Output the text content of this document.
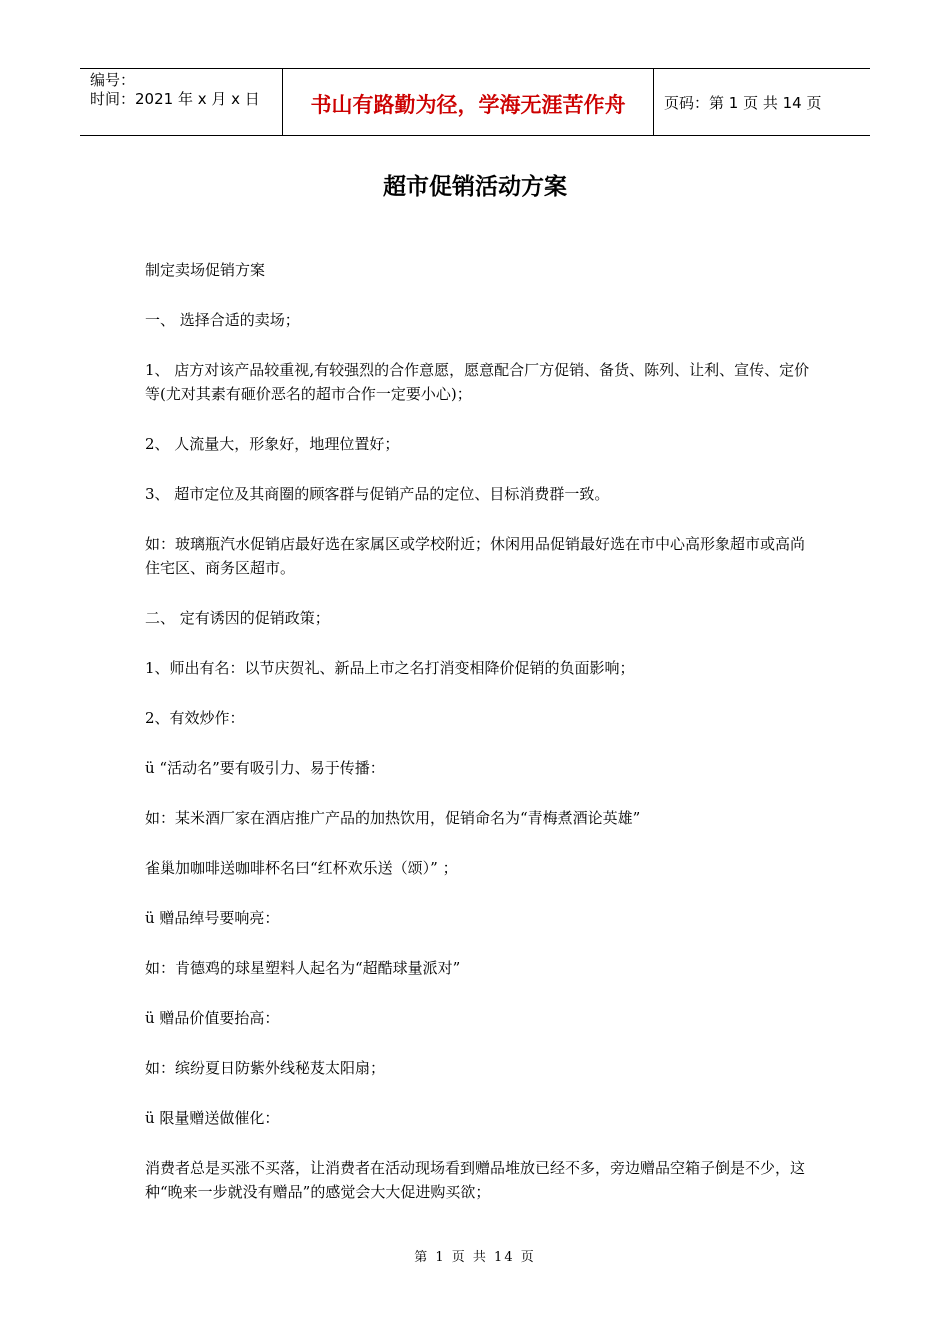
编号：
时间：2021 年 x 月 x 日	书山有路勤为径，学海无涯苦作舟	页码：第 1 页 共 14 页
超市促销活动方案

制定卖场促销方案

一、 选择合适的卖场；

1、 店方对该产品较重视,有较强烈的合作意愿，愿意配合厂方促销、备货、陈列、让利、宣传、定价等(尤对其素有砸价恶名的超市合作一定要小心)；

2、 人流量大，形象好，地理位置好；

3、 超市定位及其商圈的顾客群与促销产品的定位、目标消费群一致。

如：玻璃瓶汽水促销店最好选在家属区或学校附近；休闲用品促销最好选在市中心高形象超市或高尚住宅区、商务区超市。

二、 定有诱因的促销政策；

1、师出有名：以节庆贺礼、新品上市之名打消变相降价促销的负面影响；

2、有效炒作：

ü “活动名”要有吸引力、易于传播：

如：某米酒厂家在酒店推广产品的加热饮用，促销命名为“青梅煮酒论英雄”

雀巢加咖啡送咖啡杯名曰“红杯欢乐送（颂）” ；

ü 赠品绰号要响亮：

如：肯德鸡的球星塑料人起名为“超酷球量派对”

ü 赠品价值要抬高：

如：缤纷夏日防紫外线秘芨太阳扇；

ü 限量赠送做催化：

消费者总是买涨不买落，让消费者在活动现场看到赠品堆放已经不多，旁边赠品空箱子倒是不少，这种“晚来一步就没有赠品”的感觉会大大促进购买欲；

第 1 页 共 14 页
